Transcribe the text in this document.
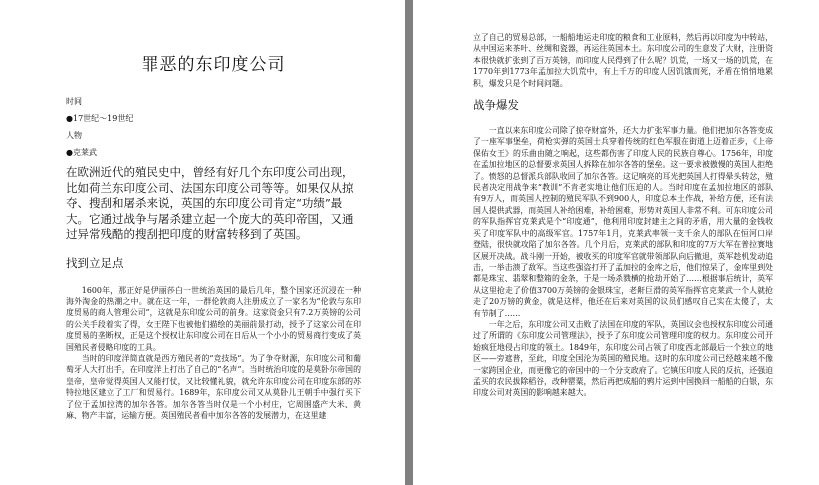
罪恶的东印度公司
时间
●17世纪～19世纪
人物
●克莱武

在欧洲近代的殖民史中，曾经有好几个东印度公司出现，比如荷兰东印度公司、法国东印度公司等等。如果仅从掠夺、搜刮和屠杀来说，英国的东印度公司肯定“功绩”最大。它通过战争与屠杀建立起一个庞大的英印帝国，又通过异常残酷的搜刮把印度的财富转移到了英国。

找到立足点

1600年，那正好是伊丽莎白一世统治英国的最后几年，整个国家还沉浸在一种海外淘金的热潮之中。就在这一年，一群伦敦商人注册成立了一家名为“伦敦与东印度贸易的商人管理公司”，这就是东印度公司的前身。这家资金只有7.2万英镑的公司的公关手段着实了得，女王陛下也被他们描绘的美丽前景打动，授予了这家公司在印度贸易的垄断权，正是这个授权让东印度公司在日后从一个小小的贸易商行变成了英国殖民者侵略印度的工具。

当时的印度洋简直就是西方殖民者的“竞技场”。为了争夺财源，东印度公司和葡萄牙人大打出手，在印度洋上打出了自己的“名声”。当时统治印度的是莫卧尔帝国的皇帝，皇帝觉得英国人又能打仗，又比较懂礼貌，就允许东印度公司在印度东部的苏特拉地区建立了工厂和贸易行。1689年，东印度公司又从莫卧儿王朝手中强行买下了位于孟加拉湾的加尔各答。加尔各答当时仅是一个小村庄，它周围盛产大米、黄麻、物产丰富，运输方便。英国殖民者看中加尔各答的发展潜力，在这里建

立了自己的贸易总部，一船船地运走印度的粮食和工业原料，然后再以印度为中转站，从中国运来茶叶、丝绸和瓷器，再运往英国本土。东印度公司的生意发了大财，注册资本很快就扩张到了百万英镑，而印度人民得到了什么呢？饥荒，一场又一场的饥荒，在1770年到1773年孟加拉大饥荒中，有上千万的印度人因饥饿而死，矛盾在悄悄地累积，爆发只是个时间问题。

战争爆发

一直以来东印度公司除了掠夺财富外，还大力扩张军事力量。他们把加尔各答变成了一座军事堡垒，荷枪实弹的英国士兵穿着传统的红色军服在街道上迈着正步，《上帝保佑女王》的乐曲由随之响起，这些都伤害了印度人民的民族自尊心。1756年，印度在孟加拉地区的总督要求英国人拆除在加尔各答的堡垒。这一要求被傲慢的英国人拒绝了。愤怒的总督派兵部队收回了加尔各答。这记响亮的耳光把英国人打得晕头转忿，殖民者决定用战争来“教训”不肯老实地让他们压迫的人。当时印度在孟加拉地区的部队有9万人，而英国人控制的殖民军队不到900人，印度总本土作战，补给方便，还有法国人提供武器，而英国人补给困难，补给困难，形势对英国人非常不利。可东印度公司的军队指挥官克莱武是个“印度通”，他利用印度封建主之间的矛盾，用大量的金钱收买了印度军队中的高级军官。1757年1月，克莱武率领一支千余人的部队在恒河口岸登陆，很快就攻陷了加尔各答。几个月后，克莱武的部队和印度的7万大军在普拉赛地区展开决战。战斗刚一开始，被收买的印度军官就带领部队向后撤退，英军趁机发动追击，一举击溃了敌军。当这些强盗打开了孟加拉的金库之后，他们惊呆了，金库里到处都是珠宝、翡翠和整箱的金条，于是一场杀戮横的抢劫开始了……根据事后统计，英军从这里抢走了价值3700万英镑的金银珠宝，老鼾巨滑的英军指挥官克莱武一个人就抢走了20万镑的黄金，就是这样，他还在后来对英国的议员们感叹自己实在太傻了，太有节制了……

一年之后，东印度公司又击败了法国在印度的军队，英国议会也授权东印度公司通过了所谓的《东印度公司管理法》，授予了东印度公司管理印度的权力。东印度公司开始疯狂地侵占印度的领土。1849年，东印度公司占领了印度西北部最后一个独立的地区——旁遮普，至此，印度全国沦为英国的殖民地。这时的东印度公司已经越来越不像一家跨国企业，而更像它的帝国中的一个分支政府了。它镇压印度人民的反抗，还强迫孟买的农民拔除稻谷，改种罂粟，然后再把成船的鸦片运到中国换回一船船的白银，东印度公司对英国的影响越来越大。
